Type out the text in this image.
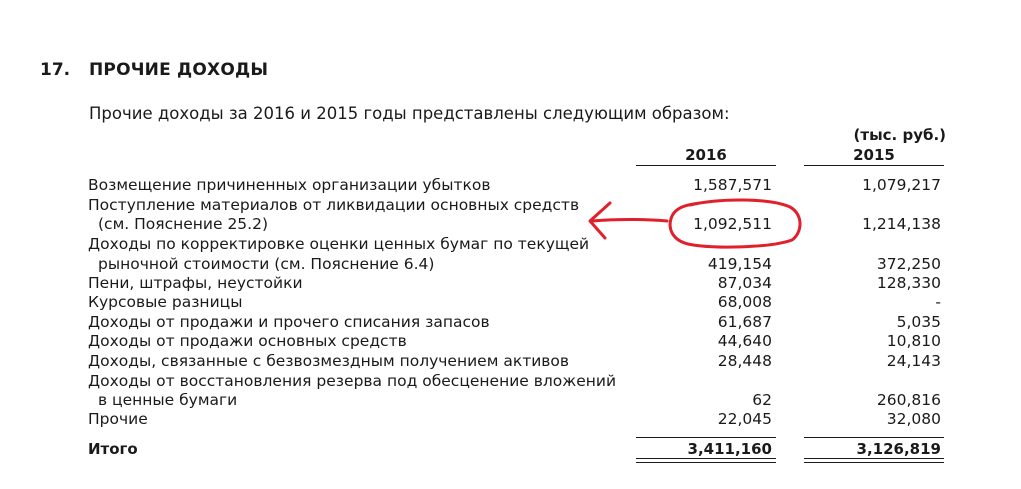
17. ПРОЧИЕ ДОХОДЫ
Прочие доходы за 2016 и 2015 годы представлены следующим образом:
(тыс. руб.)
2016	2015
Возмещение причиненных организации убытков	1,587,571	1,079,217
Поступление материалов от ликвидации основных средств
(см. Пояснение 25.2)	1,092,511	1,214,138
Доходы по корректировке оценки ценных бумаг по текущей
рыночной стоимости (см. Пояснение 6.4)	419,154	372,250
Пени, штрафы, неустойки	87,034	128,330
Курсовые разницы	68,008	-
Доходы от продажи и прочего списания запасов	61,687	5,035
Доходы от продажи основных средств	44,640	10,810
Доходы, связанные с безвозмездным получением активов	28,448	24,143
Доходы от восстановления резерва под обесценение вложений
в ценные бумаги	62	260,816
Прочие	22,045	32,080
Итого	3,411,160	3,126,819
